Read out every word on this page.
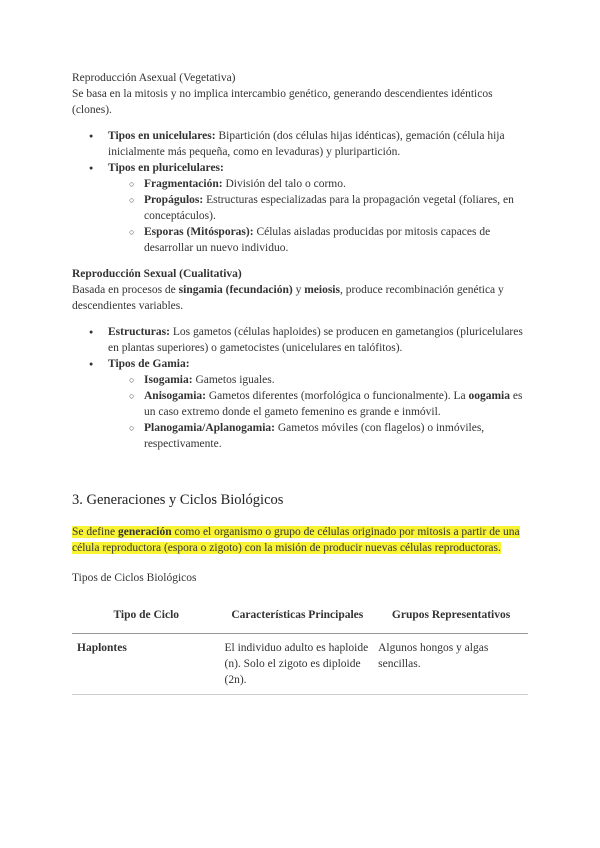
Reproducción Asexual (Vegetativa)

Se basa en la mitosis y no implica intercambio genético, generando descendientes idénticos (clones).

● Tipos en unicelulares: Bipartición (dos células hijas idénticas), gemación (célula hija inicialmente más pequeña, como en levaduras) y pluripartición.
● Tipos en pluricelulares:
○ Fragmentación: División del talo o cormo.
○ Propágulos: Estructuras especializadas para la propagación vegetal (foliares, en conceptáculos).
○ Esporas (Mitósporas): Células aisladas producidas por mitosis capaces de desarrollar un nuevo individuo.

Reproducción Sexual (Cualitativa)

Basada en procesos de singamia (fecundación) y meiosis, produce recombinación genética y descendientes variables.

● Estructuras: Los gametos (células haploides) se producen en gametangios (pluricelulares en plantas superiores) o gametocistes (unicelulares en talófitos).
● Tipos de Gamia:
○ Isogamia: Gametos iguales.
○ Anisogamia: Gametos diferentes (morfológica o funcionalmente). La oogamia es un caso extremo donde el gameto femenino es grande e inmóvil.
○ Planogamia/Aplanogamia: Gametos móviles (con flagelos) o inmóviles, respectivamente.
3. Generaciones y Ciclos Biológicos

Se define generación como el organismo o grupo de células originado por mitosis a partir de una célula reproductora (espora o zigoto) con la misión de producir nuevas células reproductoras.

Tipos de Ciclos Biológicos

Tipo de Ciclo	Características Principales	Grupos Representativos
Haplontes	El individuo adulto es haploide (n). Solo el zigoto es diploide (2n).	Algunos hongos y algas sencillas.
